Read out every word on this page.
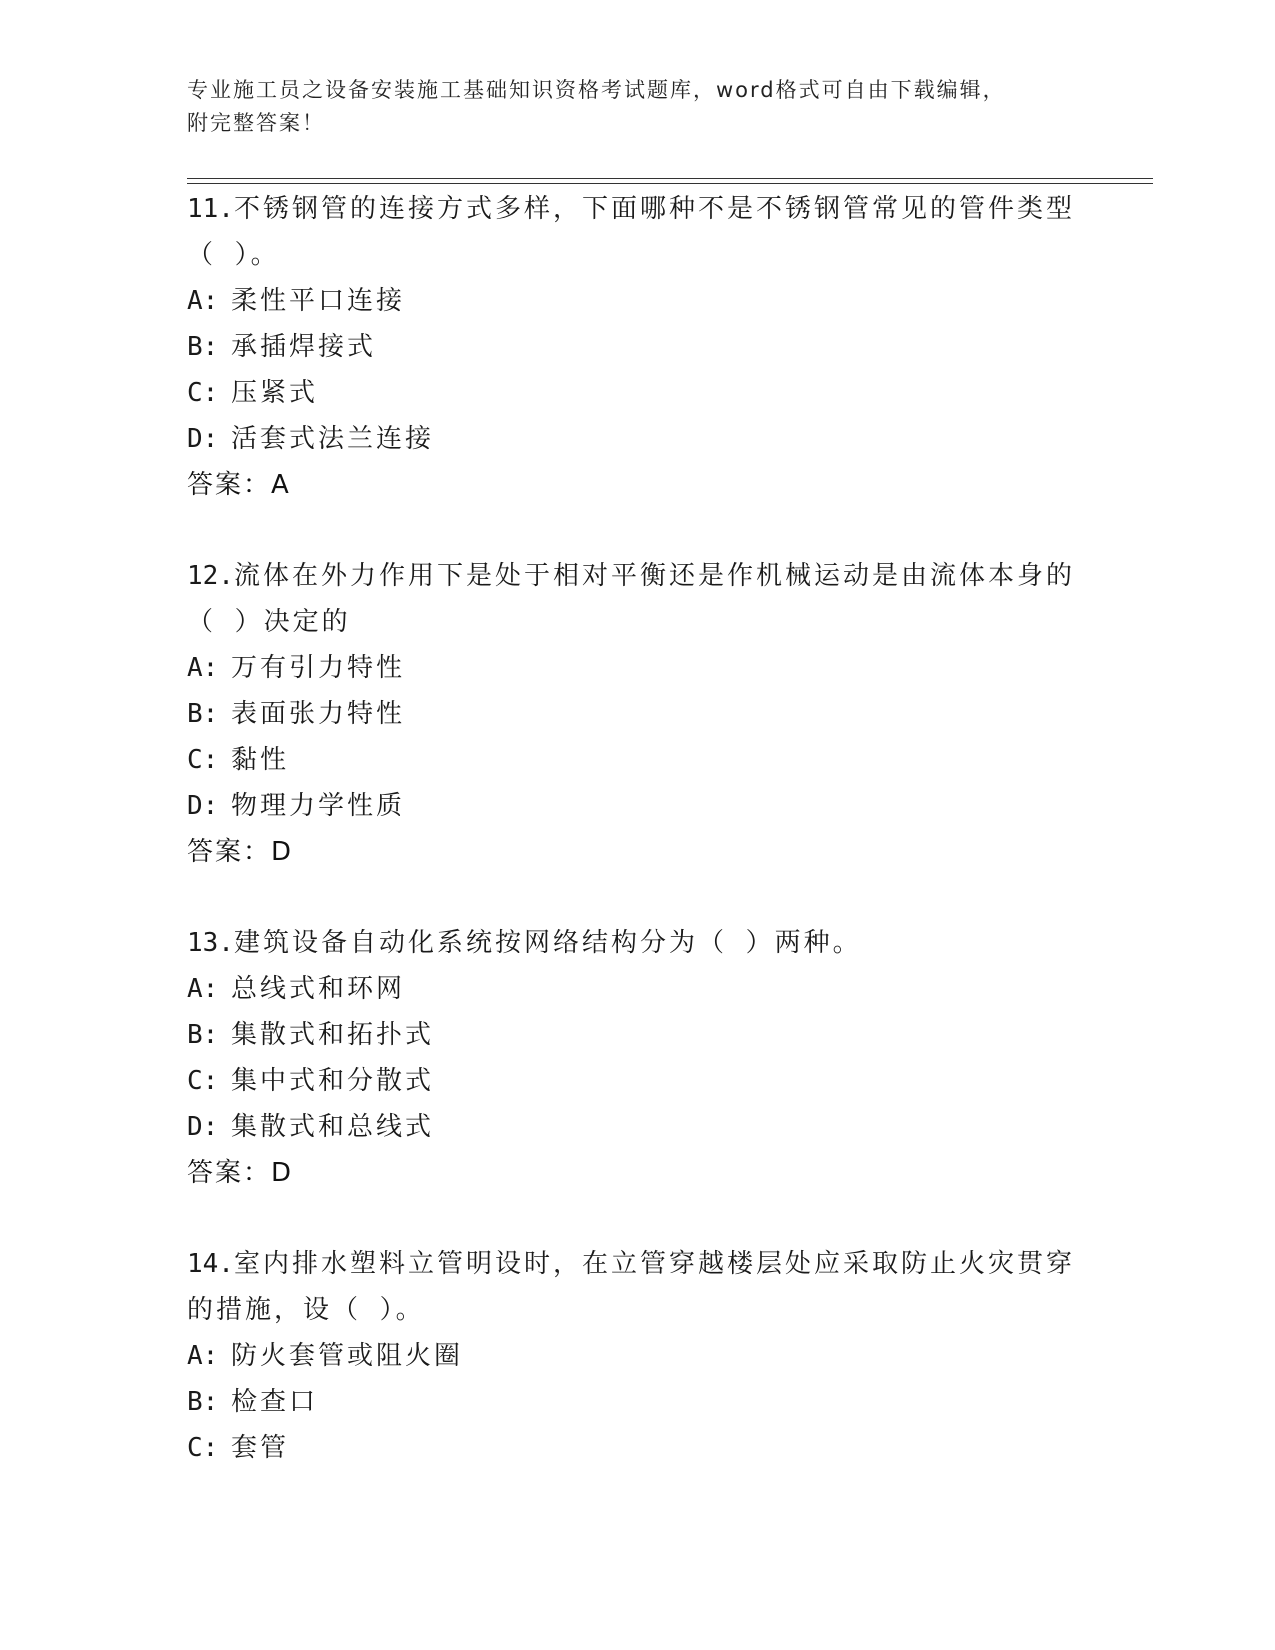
专业施工员之设备安装施工基础知识资格考试题库，word格式可自由下载编辑，
附完整答案！

11.不锈钢管的连接方式多样，下面哪种不是不锈钢管常见的管件类型

（ ）。

A: 柔性平口连接

B: 承插焊接式

C: 压紧式

D: 活套式法兰连接

答案：A

12.流体在外力作用下是处于相对平衡还是作机械运动是由流体本身的

（ ）决定的

A: 万有引力特性

B: 表面张力特性

C: 黏性

D: 物理力学性质

答案：D

13.建筑设备自动化系统按网络结构分为（ ）两种。

A: 总线式和环网

B: 集散式和拓扑式

C: 集中式和分散式

D: 集散式和总线式

答案：D

14.室内排水塑料立管明设时，在立管穿越楼层处应采取防止火灾贯穿

的措施，设（ ）。

A: 防火套管或阻火圈

B: 检查口

C: 套管
